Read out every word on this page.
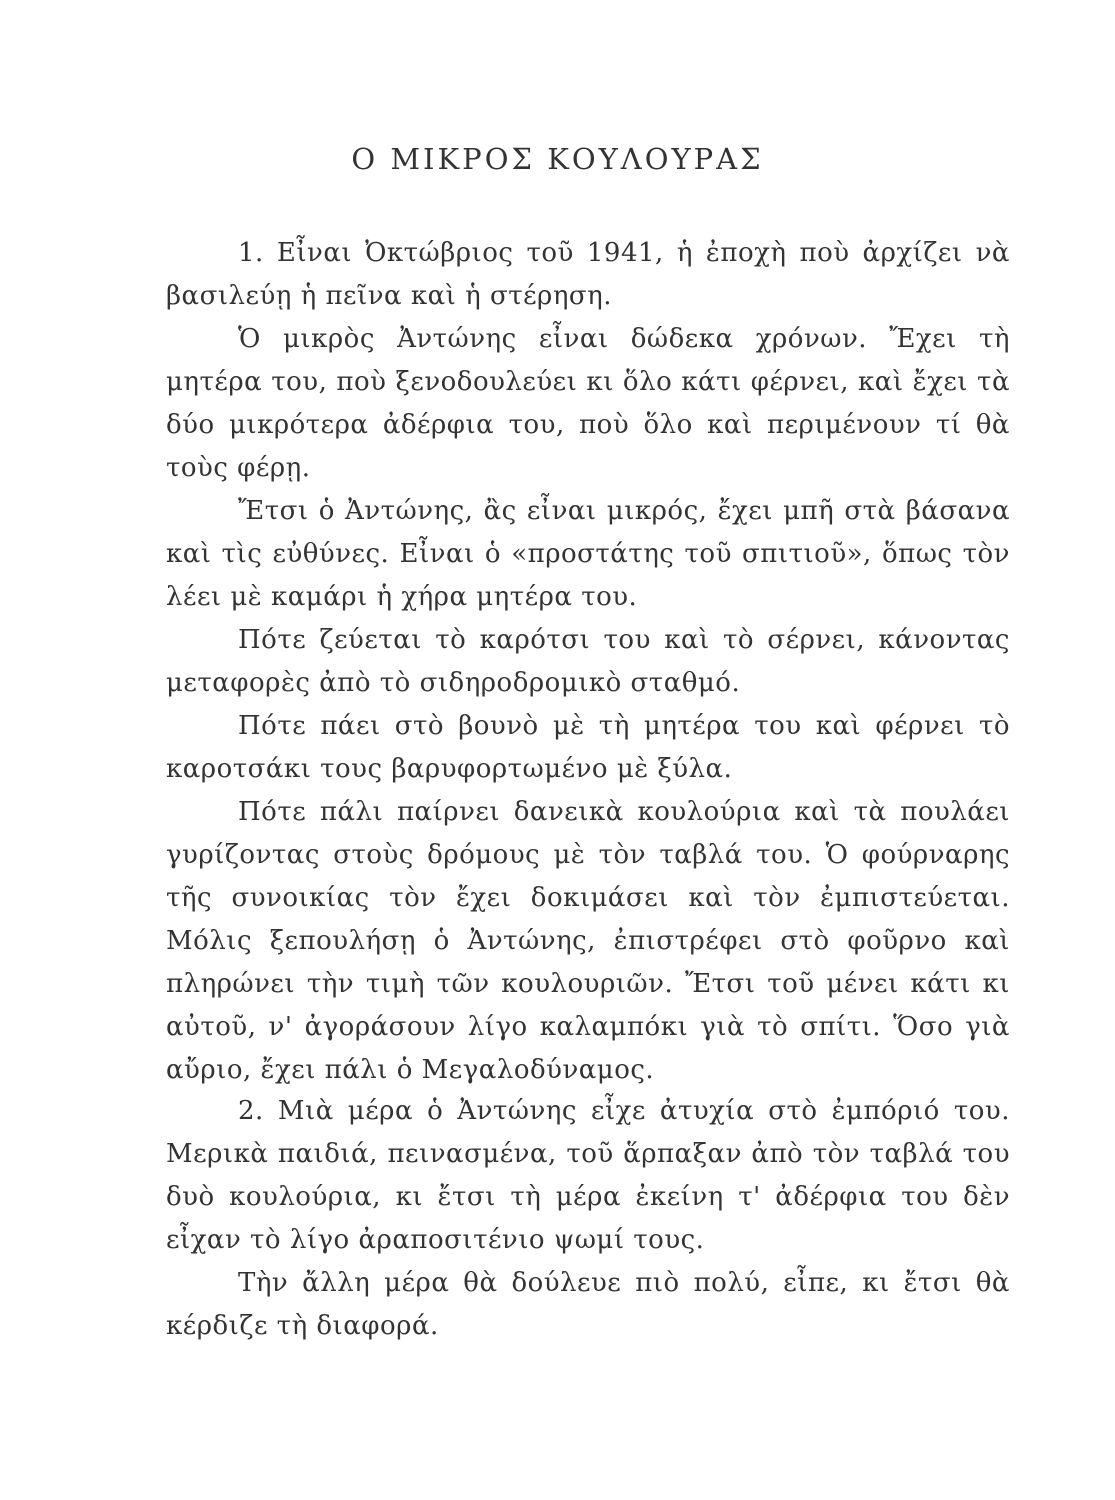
Ο ΜΙΚΡΟΣ ΚΟΥΛΟΥΡΑΣ

1. Εἶναι Ὀκτώβριος τοῦ 1941, ἡ ἐποχὴ ποὺ ἀρχίζει νὰ βασιλεύῃ ἡ πεῖνα καὶ ἡ στέρηση.

Ὁ μικρὸς Ἀντώνης εἶναι δώδεκα χρόνων. Ἔχει τὴ μητέρα του, ποὺ ξενοδουλεύει κι ὅλο κάτι φέρνει, καὶ ἔχει τὰ δύο μικρότερα ἀδέρφια του, ποὺ ὅλο καὶ περιμένουν τί θὰ τοὺς φέρῃ.

Ἔτσι ὁ Ἀντώνης, ἂς εἶναι μικρός, ἔχει μπῆ στὰ βάσανα καὶ τὶς εὐθύνες. Εἶναι ὁ «προστάτης τοῦ σπιτιοῦ», ὅπως τὸν λέει μὲ καμάρι ἡ χήρα μητέρα του.

Πότε ζεύεται τὸ καρότσι του καὶ τὸ σέρνει, κάνοντας μεταφορὲς ἀπὸ τὸ σιδηροδρομικὸ σταθμό.

Πότε πάει στὸ βουνὸ μὲ τὴ μητέρα του καὶ φέρνει τὸ καροτσάκι τους βαρυφορτωμένο μὲ ξύλα.

Πότε πάλι παίρνει δανεικὰ κουλούρια καὶ τὰ πουλάει γυρίζοντας στοὺς δρόμους μὲ τὸν ταβλά του. Ὁ φούρναρης τῆς συνοικίας τὸν ἔχει δοκιμάσει καὶ τὸν ἐμπιστεύεται. Μόλις ξεπουλήσῃ ὁ Ἀντώνης, ἐπιστρέφει στὸ φοῦρνο καὶ πληρώνει τὴν τιμὴ τῶν κουλουριῶν. Ἔτσι τοῦ μένει κάτι κι αὐτοῦ, ν' ἀγοράσουν λίγο καλαμπόκι γιὰ τὸ σπίτι. Ὅσο γιὰ αὔριο, ἔχει πάλι ὁ Μεγαλοδύναμος.

2. Μιὰ μέρα ὁ Ἀντώνης εἶχε ἀτυχία στὸ ἐμπόριό του. Μερικὰ παιδιά, πεινασμένα, τοῦ ἅρπαξαν ἀπὸ τὸν ταβλά του δυὸ κουλούρια, κι ἔτσι τὴ μέρα ἐκείνη τ' ἀδέρφια του δὲν εἶχαν τὸ λίγο ἀραποσιτένιο ψωμί τους.

Τὴν ἄλλη μέρα θὰ δούλευε πιὸ πολύ, εἶπε, κι ἔτσι θὰ κέρδιζε τὴ διαφορά.
